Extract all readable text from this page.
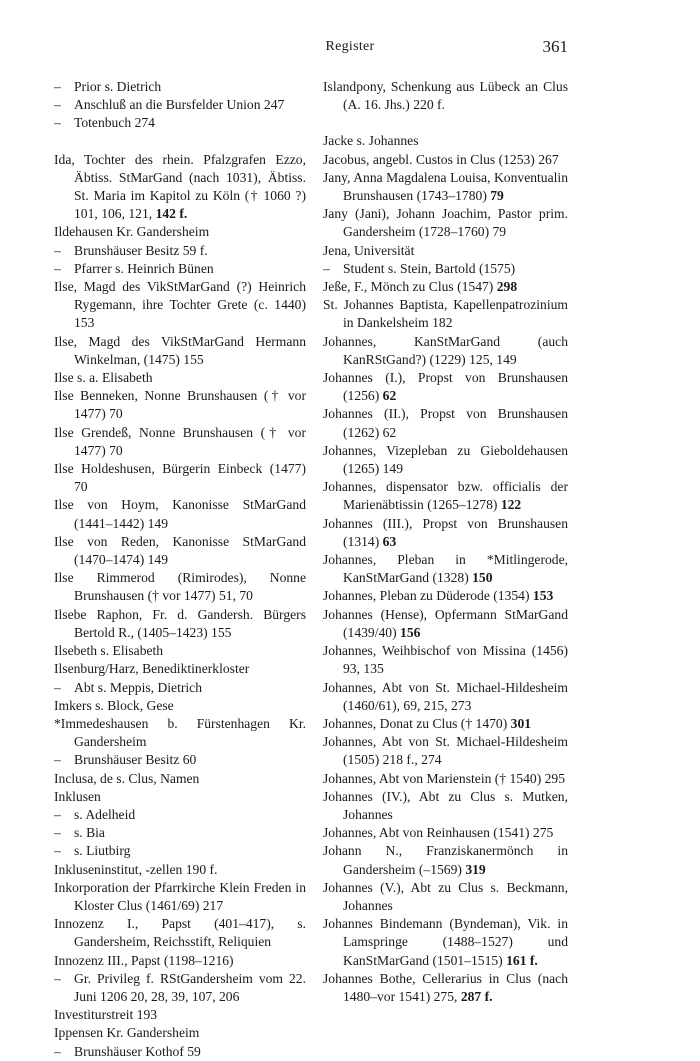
Register	361
– Prior s. Dietrich
– Anschluß an die Bursfelder Union 247
– Totenbuch 274
Ida, Tochter des rhein. Pfalzgrafen Ezzo, Äbtiss. StMarGand (nach 1031), Äbtiss. St. Maria im Kapitol zu Köln († 1060 ?) 101, 106, 121, 142 f.
Ildehausen Kr. Gandersheim
– Brunshäuser Besitz 59 f.
– Pfarrer s. Heinrich Bünen
Ilse, Magd des VikStMarGand (?) Heinrich Rygemann, ihre Tochter Grete (c. 1440) 153
Ilse, Magd des VikStMarGand Hermann Winkelman, (1475) 155
Ilse s. a. Elisabeth
Ilse Benneken, Nonne Brunshausen († vor 1477) 70
Ilse Grendeß, Nonne Brunshausen († vor 1477) 70
Ilse Holdeshusen, Bürgerin Einbeck (1477) 70
Ilse von Hoym, Kanonisse StMarGand (1441–1442) 149
Ilse von Reden, Kanonisse StMarGand (1470–1474) 149
Ilse Rimmerod (Rimirodes), Nonne Brunshausen († vor 1477) 51, 70
Ilsebe Raphon, Fr. d. Gandersh. Bürgers Bertold R., (1405–1423) 155
Ilsebeth s. Elisabeth
Ilsenburg/Harz, Benediktinerkloster
– Abt s. Meppis, Dietrich
Imkers s. Block, Gese
*Immedeshausen b. Fürstenhagen Kr. Gandersheim
– Brunshäuser Besitz 60
Inclusa, de s. Clus, Namen
Inklusen
– s. Adelheid
– s. Bia
– s. Liutbirg
Inkluseninstitut, -zellen 190 f.
Inkorporation der Pfarrkirche Klein Freden in Kloster Clus (1461/69) 217
Innozenz I., Papst (401–417), s. Gandersheim, Reichsstift, Reliquien
Innozenz III., Papst (1198–1216)
– Gr. Privileg f. RStGandersheim vom 22. Juni 1206 20, 28, 39, 107, 206
Investiturstreit 193
Ippensen Kr. Gandersheim
– Brunshäuser Kothof 59
Islandpony, Schenkung aus Lübeck an Clus (A. 16. Jhs.) 220 f.
Jacke s. Johannes
Jacobus, angebl. Custos in Clus (1253) 267
Jany, Anna Magdalena Louisa, Konventualin Brunshausen (1743–1780) 79
Jany (Jani), Johann Joachim, Pastor prim. Gandersheim (1728–1760) 79
Jena, Universität
– Student s. Stein, Bartold (1575)
Jeße, F., Mönch zu Clus (1547) 298
St. Johannes Baptista, Kapellenpatrozinium in Dankelsheim 182
Johannes, KanStMarGand (auch KanRStGand?) (1229) 125, 149
Johannes (I.), Propst von Brunshausen (1256) 62
Johannes (II.), Propst von Brunshausen (1262) 62
Johannes, Vizepleban zu Gieboldehausen (1265) 149
Johannes, dispensator bzw. officialis der Marienäbtissin (1265–1278) 122
Johannes (III.), Propst von Brunshausen (1314) 63
Johannes, Pleban in *Mitlingerode, KanStMarGand (1328) 150
Johannes, Pleban zu Düderode (1354) 153
Johannes (Hense), Opfermann StMarGand (1439/40) 156
Johannes, Weihbischof von Missina (1456) 93, 135
Johannes, Abt von St. Michael-Hildesheim (1460/61), 69, 215, 273
Johannes, Donat zu Clus († 1470) 301
Johannes, Abt von St. Michael-Hildesheim (1505) 218 f., 274
Johannes, Abt von Marienstein († 1540) 295
Johannes (IV.), Abt zu Clus s. Mutken, Johannes
Johannes, Abt von Reinhausen (1541) 275
Johann N., Franziskanermönch in Gandersheim (–1569) 319
Johannes (V.), Abt zu Clus s. Beckmann, Johannes
Johannes Bindemann (Byndeman), Vik. in Lamspringe (1488–1527) und KanStMarGand (1501–1515) 161 f.
Johannes Bothe, Cellerarius in Clus (nach 1480–vor 1541) 275, 287 f.
